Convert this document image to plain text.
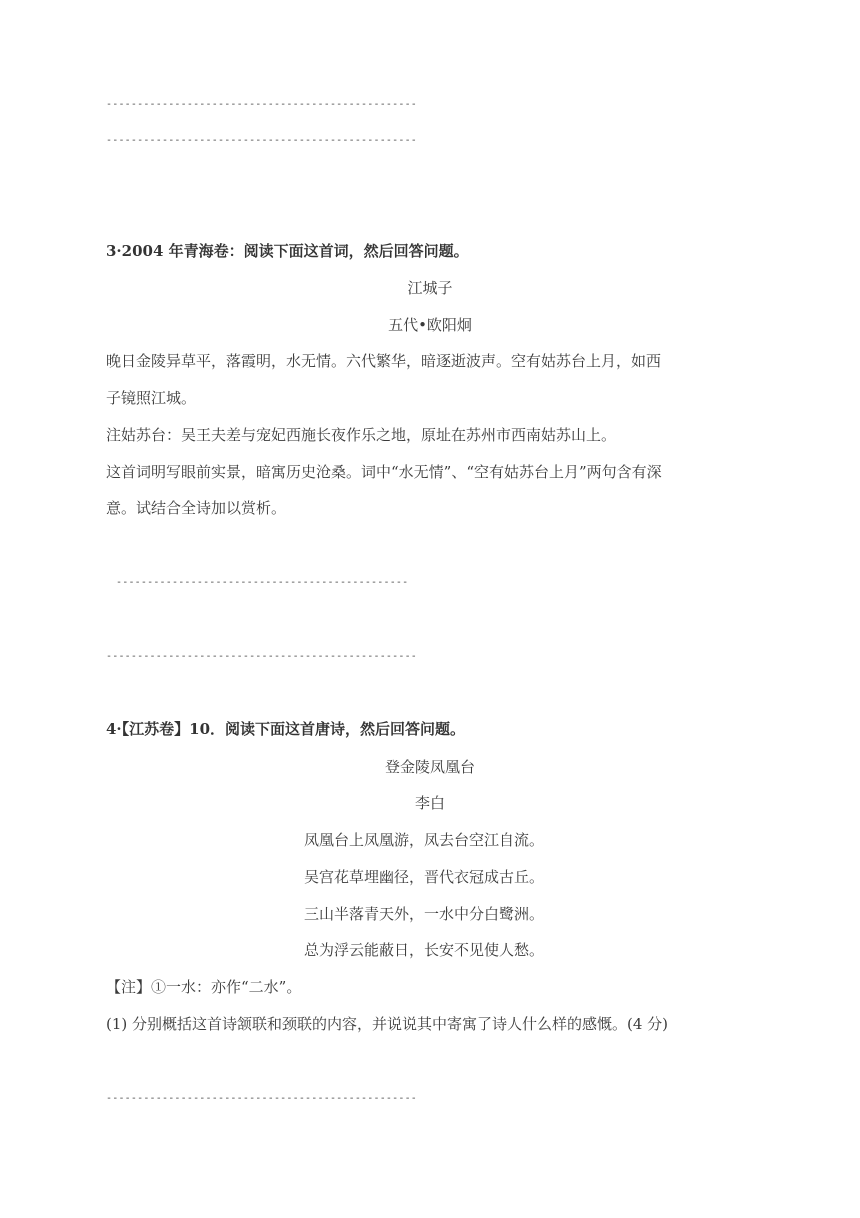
--------------------------------------------------
--------------------------------------------------
3·2004 年青海卷：阅读下面这首词，然后回答问题。
江城子
五代•欧阳炯
晚日金陵异草平，落霞明，水无情。六代繁华，暗逐逝波声。空有姑苏台上月，如西
子镜照江城。
注姑苏台：吴王夫差与宠妃西施长夜作乐之地，原址在苏州市西南姑苏山上。
这首词明写眼前实景，暗寓历史沧桑。词中“水无情”、“空有姑苏台上月”两句含有深
意。试结合全诗加以赏析。
-----------------------------------------------
--------------------------------------------------
4·【江苏卷】10．阅读下面这首唐诗，然后回答问题。
登金陵凤凰台
李白
凤凰台上凤凰游，凤去台空江自流。
吴宫花草埋幽径，晋代衣冠成古丘。
三山半落青天外，一水中分白鹭洲。
总为浮云能蔽日，长安不见使人愁。
【注】①一水：亦作“二水”。
(1) 分别概括这首诗颔联和颈联的内容，并说说其中寄寓了诗人什么样的感慨。(4 分)
--------------------------------------------------
